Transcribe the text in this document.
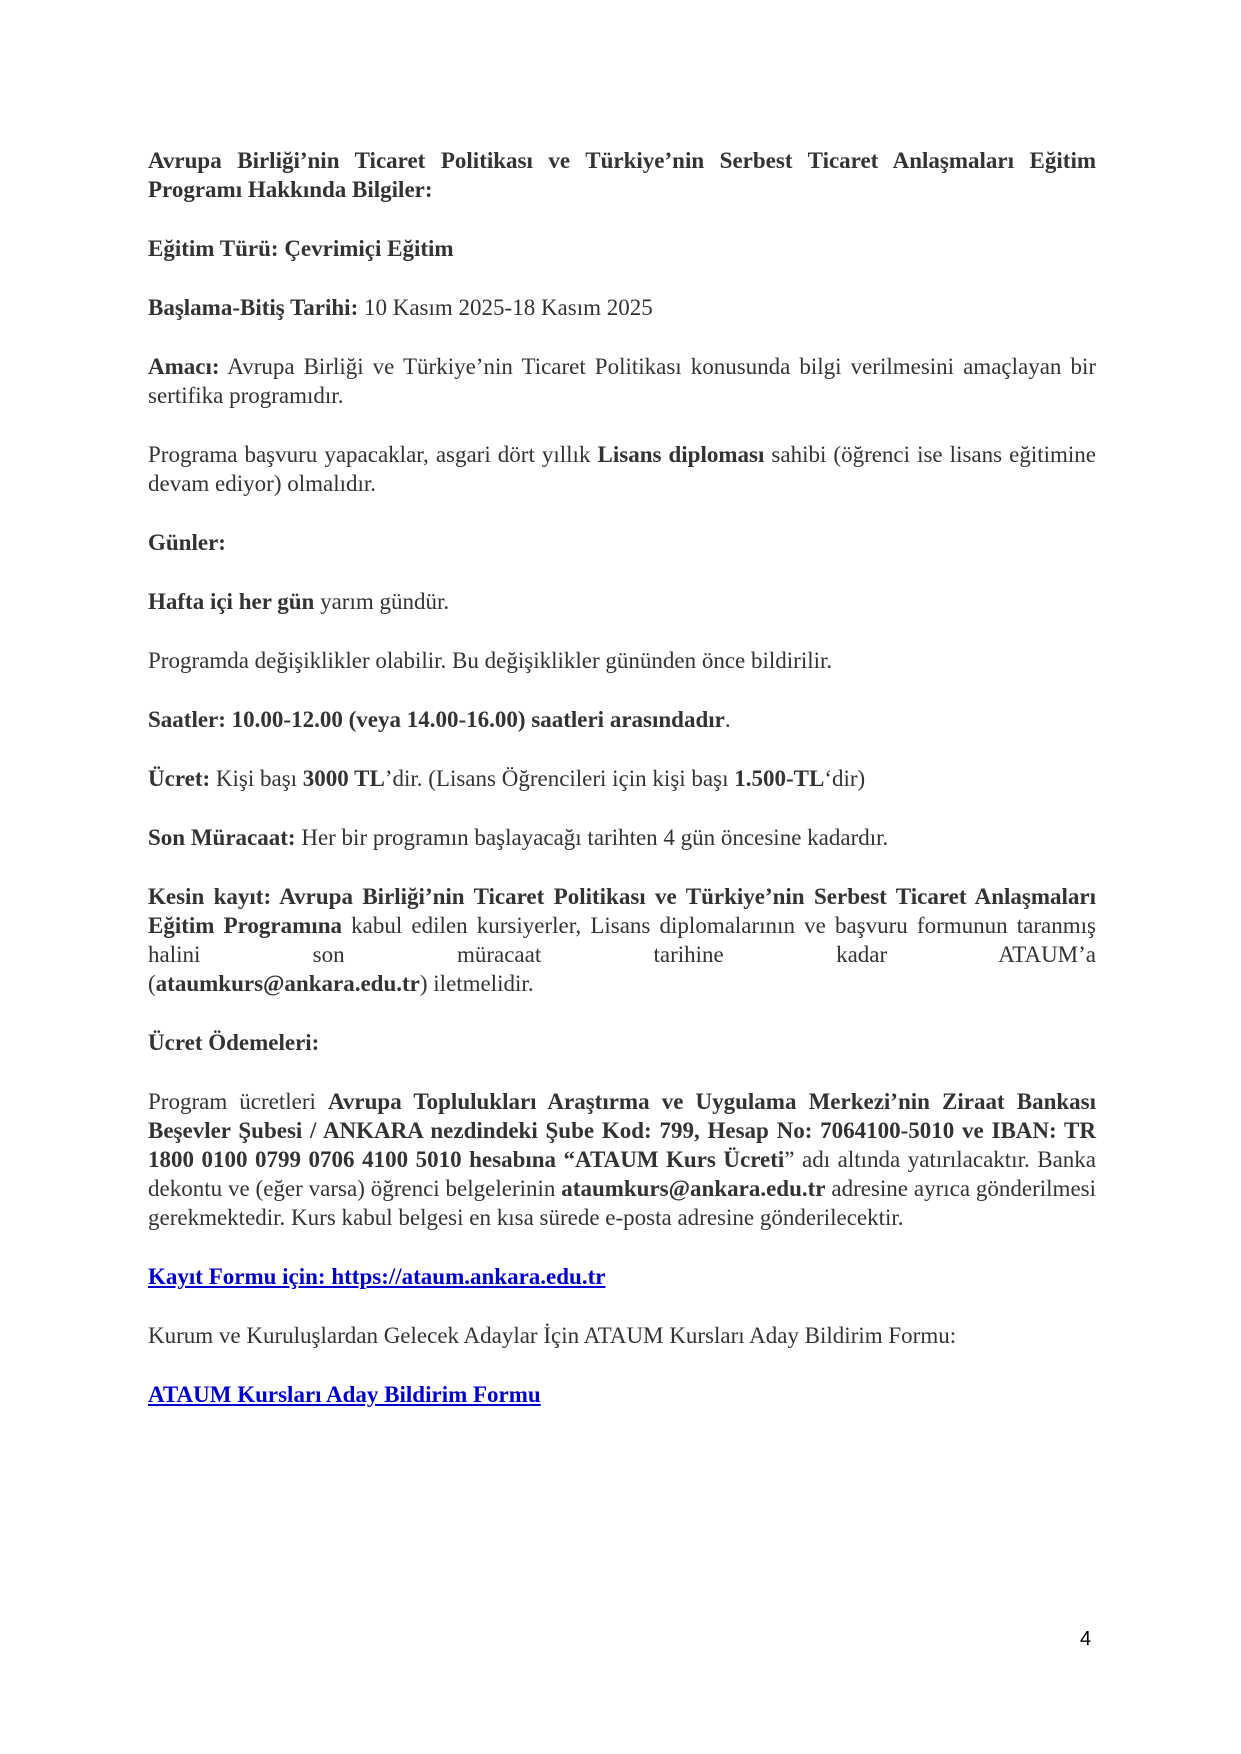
Avrupa Birliği’nin Ticaret Politikası ve Türkiye’nin Serbest Ticaret Anlaşmaları Eğitim Programı Hakkında Bilgiler:

Eğitim Türü: Çevrimiçi Eğitim

Başlama-Bitiş Tarihi: 10 Kasım 2025-18 Kasım 2025

Amacı: Avrupa Birliği ve Türkiye’nin Ticaret Politikası konusunda bilgi verilmesini amaçlayan bir sertifika programıdır.

Programa başvuru yapacaklar, asgari dört yıllık Lisans diploması sahibi (öğrenci ise lisans eğitimine devam ediyor) olmalıdır.

Günler:

Hafta içi her gün yarım gündür.

Programda değişiklikler olabilir. Bu değişiklikler gününden önce bildirilir.

Saatler: 10.00-12.00 (veya 14.00-16.00) saatleri arasındadır.

Ücret: Kişi başı 3000 TL’dir. (Lisans Öğrencileri için kişi başı 1.500-TL‘dir)

Son Müracaat: Her bir programın başlayacağı tarihten 4 gün öncesine kadardır.

Kesin kayıt: Avrupa Birliği’nin Ticaret Politikası ve Türkiye’nin Serbest Ticaret Anlaşmaları Eğitim Programına kabul edilen kursiyerler, Lisans diplomalarının ve başvuru formunun taranmış halini son müracaat tarihine kadar ATAUM’a

(ataumkurs@ankara.edu.tr) iletmelidir.

Ücret Ödemeleri:

Program ücretleri Avrupa Toplulukları Araştırma ve Uygulama Merkezi’nin Ziraat Bankası Beşevler Şubesi / ANKARA nezdindeki Şube Kod: 799, Hesap No: 7064100-5010 ve IBAN: TR 1800 0100 0799 0706 4100 5010 hesabına “ATAUM Kurs Ücreti” adı altında yatırılacaktır. Banka dekontu ve (eğer varsa) öğrenci belgelerinin ataumkurs@ankara.edu.tr adresine ayrıca gönderilmesi gerekmektedir. Kurs kabul belgesi en kısa sürede e-posta adresine gönderilecektir.

Kayıt Formu için: https://ataum.ankara.edu.tr

Kurum ve Kuruluşlardan Gelecek Adaylar İçin ATAUM Kursları Aday Bildirim Formu:

ATAUM Kursları Aday Bildirim Formu

4
